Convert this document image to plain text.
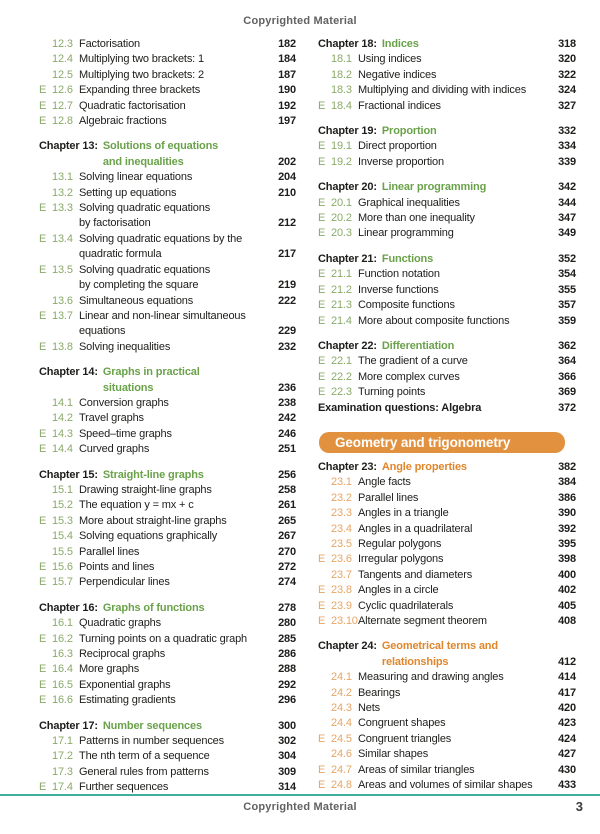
Copyrighted Material
12.3 Factorisation	182
12.4 Multiplying two brackets: 1	184
12.5 Multiplying two brackets: 2	187
E 12.6 Expanding three brackets	190
E 12.7 Quadratic factorisation	192
E 12.8 Algebraic fractions	197
Chapter 13: Solutions of equations
and inequalities	202
13.1 Solving linear equations	204
13.2 Setting up equations	210
E 13.3 Solving quadratic equations
by factorisation	212
E 13.4 Solving quadratic equations by the
quadratic formula	217
E 13.5 Solving quadratic equations
by completing the square	219
13.6 Simultaneous equations	222
E 13.7 Linear and non-linear simultaneous
equations	229
E 13.8 Solving inequalities	232
Chapter 14: Graphs in practical
situations	236
14.1 Conversion graphs	238
14.2 Travel graphs	242
E 14.3 Speed–time graphs	246
E 14.4 Curved graphs	251
Chapter 15: Straight-line graphs	256
15.1 Drawing straight-line graphs	258
15.2 The equation y = mx + c	261
E 15.3 More about straight-line graphs	265
15.4 Solving equations graphically	267
15.5 Parallel lines	270
E 15.6 Points and lines	272
E 15.7 Perpendicular lines	274
Chapter 16: Graphs of functions	278
16.1 Quadratic graphs	280
E 16.2 Turning points on a quadratic graph	285
16.3 Reciprocal graphs	286
E 16.4 More graphs	288
E 16.5 Exponential graphs	292
E 16.6 Estimating gradients	296
Chapter 17: Number sequences	300
17.1 Patterns in number sequences	302
17.2 The nth term of a sequence	304
17.3 General rules from patterns	309
E 17.4 Further sequences	314
Chapter 18: Indices	318
18.1 Using indices	320
18.2 Negative indices	322
18.3 Multiplying and dividing with indices	324
E 18.4 Fractional indices	327
Chapter 19: Proportion	332
E 19.1 Direct proportion	334
E 19.2 Inverse proportion	339
Chapter 20: Linear programming	342
E 20.1 Graphical inequalities	344
E 20.2 More than one inequality	347
E 20.3 Linear programming	349
Chapter 21: Functions	352
E 21.1 Function notation	354
E 21.2 Inverse functions	355
E 21.3 Composite functions	357
E 21.4 More about composite functions	359
Chapter 22: Differentiation	362
E 22.1 The gradient of a curve	364
E 22.2 More complex curves	366
E 22.3 Turning points	369
Examination questions: Algebra	372
Geometry and trigonometry
Chapter 23: Angle properties	382
23.1 Angle facts	384
23.2 Parallel lines	386
23.3 Angles in a triangle	390
23.4 Angles in a quadrilateral	392
23.5 Regular polygons	395
E 23.6 Irregular polygons	398
23.7 Tangents and diameters	400
E 23.8 Angles in a circle	402
E 23.9 Cyclic quadrilaterals	405
E 23.10 Alternate segment theorem	408
Chapter 24: Geometrical terms and
relationships	412
24.1 Measuring and drawing angles	414
24.2 Bearings	417
24.3 Nets	420
24.4 Congruent shapes	423
E 24.5 Congruent triangles	424
24.6 Similar shapes	427
E 24.7 Areas of similar triangles	430
E 24.8 Areas and volumes of similar shapes	433
Copyrighted Material	3
